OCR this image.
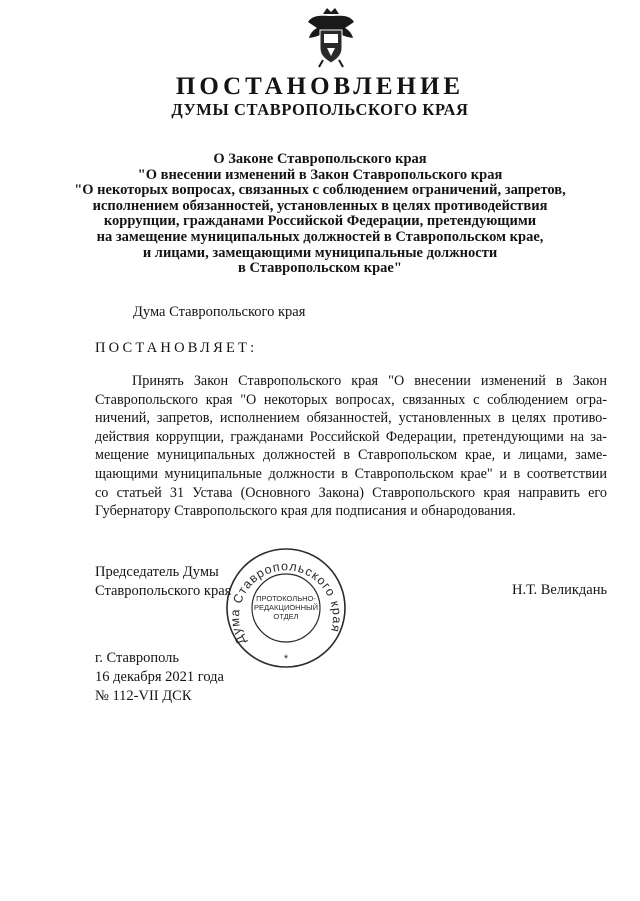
ПОСТАНОВЛЕНИЕ
ДУМЫ СТАВРОПОЛЬСКОГО КРАЯ
О Законе Ставропольского края
"О внесении изменений в Закон Ставропольского края
"О некоторых вопросах, связанных с соблюдением ограничений, запретов,
исполнением обязанностей, установленных в целях противодействия
коррупции, гражданами Российской Федерации, претендующими
на замещение муниципальных должностей в Ставропольском крае,
и лицами, замещающими муниципальные должности
в Ставропольском крае"
Дума Ставропольского края
ПОСТАНОВЛЯЕТ:
Принять Закон Ставропольского края "О внесении изменений в Закон
Ставропольского края "О некоторых вопросах, связанных с соблюдением огра-
ничений, запретов, исполнением обязанностей, установленных в целях противо-
действия коррупции, гражданами Российской Федерации, претендующими на за-
мещение муниципальных должностей в Ставропольском крае, и лицами, заме-
щающими муниципальные должности в Ставропольском крае" и в соответствии
со статьей 31 Устава (Основного Закона) Ставропольского края направить его
Губернатору Ставропольского края для подписания и обнародования.
Председатель Думы
Ставропольского края	Н.Т. Великдань
Дума Ставропольского края
ПРОТОКОЛЬНО-
РЕДАКЦИОННЫЙ
ОТДЕЛ
*
г. Ставрополь
16 декабря 2021 года
№ 112-VII ДСК
